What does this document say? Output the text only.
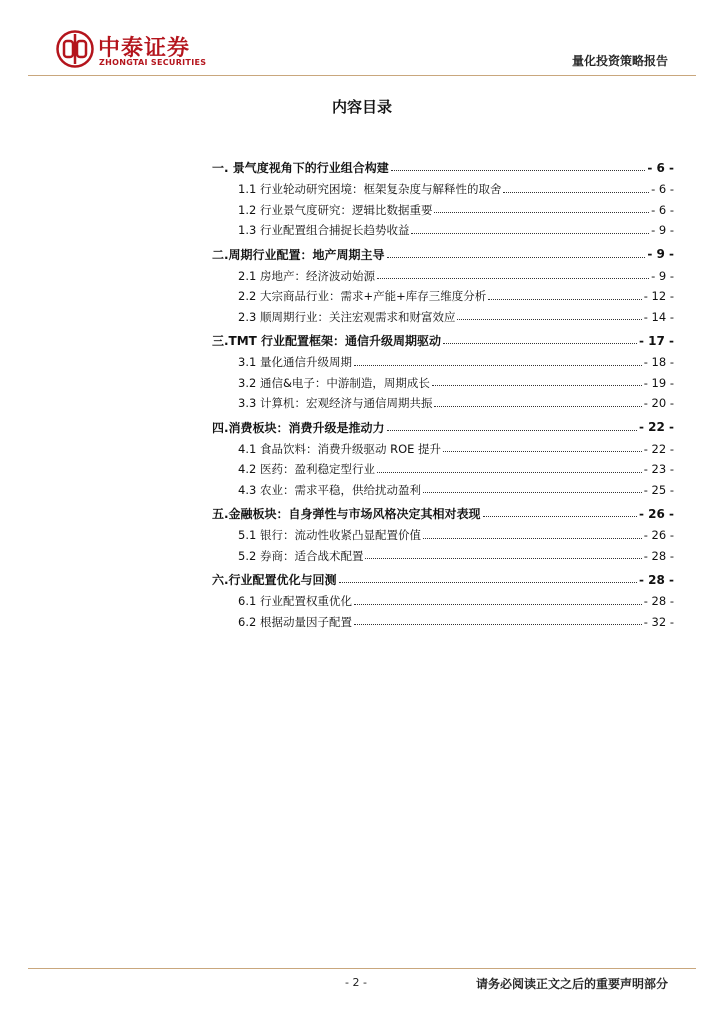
中泰证券
ZHONGTAI SECURITIES	量化投资策略报告
内容目录
一. 景气度视角下的行业组合构建	- 6 -
1.1 行业轮动研究困境：框架复杂度与解释性的取舍	- 6 -
1.2 行业景气度研究：逻辑比数据重要	- 6 -
1.3 行业配置组合捕捉长趋势收益	- 9 -
二.周期行业配置：地产周期主导	- 9 -
2.1 房地产：经济波动始源	- 9 -
2.2 大宗商品行业：需求+产能+库存三维度分析	- 12 -
2.3 顺周期行业：关注宏观需求和财富效应	- 14 -
三.TMT 行业配置框架：通信升级周期驱动	- 17 -
3.1 量化通信升级周期	- 18 -
3.2 通信&电子：中游制造，周期成长	- 19 -
3.3 计算机：宏观经济与通信周期共振	- 20 -
四.消费板块：消费升级是推动力	- 22 -
4.1 食品饮料：消费升级驱动 ROE 提升	- 22 -
4.2 医药：盈利稳定型行业	- 23 -
4.3 农业：需求平稳，供给扰动盈利	- 25 -
五.金融板块：自身弹性与市场风格决定其相对表现	- 26 -
5.1 银行：流动性收紧凸显配置价值	- 26 -
5.2 券商：适合战术配置	- 28 -
六.行业配置优化与回测	- 28 -
6.1 行业配置权重优化	- 28 -
6.2 根据动量因子配置	- 32 -
- 2 -	请务必阅读正文之后的重要声明部分
